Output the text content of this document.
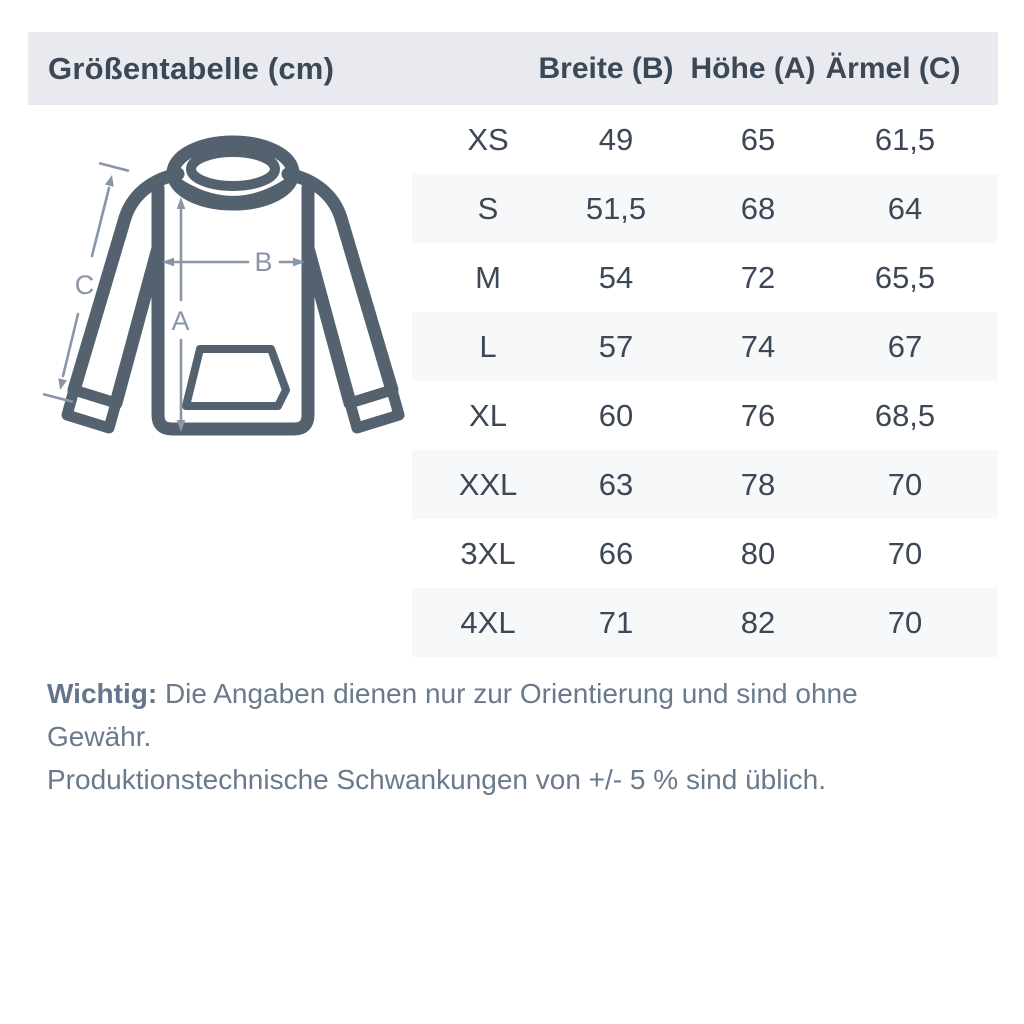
Größentabelle (cm)	Breite (B) Höhe (A) Ärmel (C)
A
B
C
XS	49	65	61,5
S	51,5	68	64
M	54	72	65,5
L	57	74	67
XL	60	76	68,5
XXL	63	78	70
3XL	66	80	70
4XL	71	82	70

Wichtig: Die Angaben dienen nur zur Orientierung und sind ohne Gewähr.
Produktionstechnische Schwankungen von +/- 5 % sind üblich.
